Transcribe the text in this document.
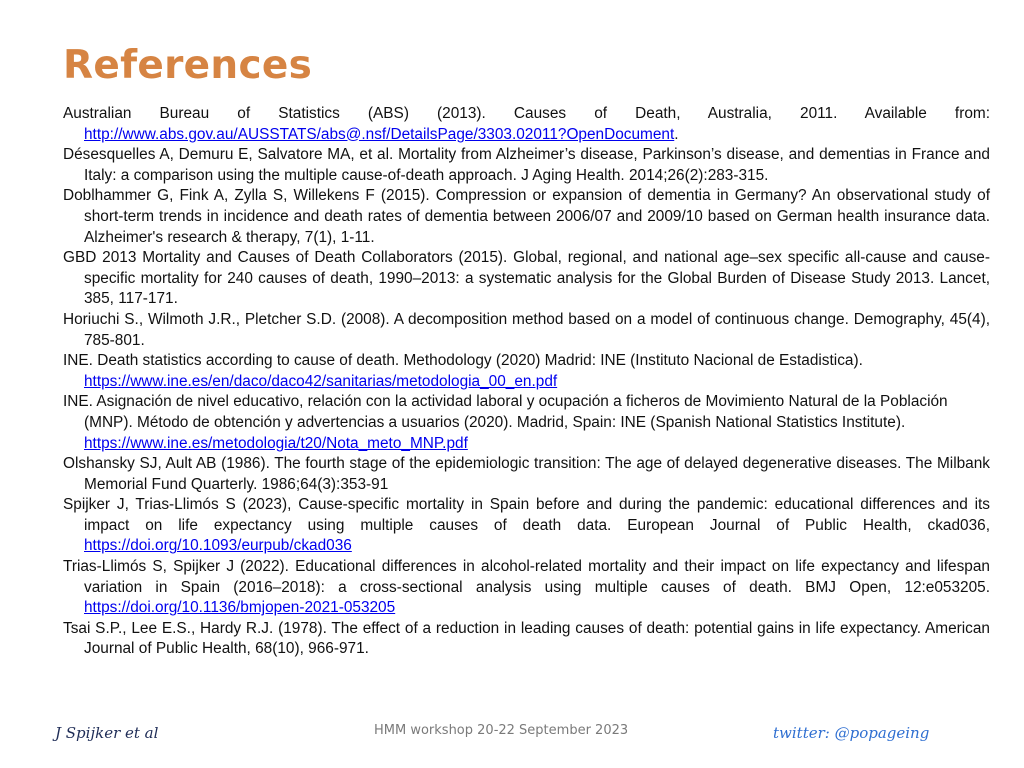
References
Australian Bureau of Statistics (ABS) (2013). Causes of Death, Australia, 2011. Available from: http://www.abs.gov.au/AUSSTATS/abs@.nsf/DetailsPage/3303.02011?OpenDocument.
Désesquelles A, Demuru E, Salvatore MA, et al. Mortality from Alzheimer’s disease, Parkinson’s disease, and dementias in France and Italy: a comparison using the multiple cause-of-death approach. J Aging Health. 2014;26(2):283-315.
Doblhammer G, Fink A, Zylla S, Willekens F (2015). Compression or expansion of dementia in Germany? An observational study of short-term trends in incidence and death rates of dementia between 2006/07 and 2009/10 based on German health insurance data. Alzheimer's research & therapy, 7(1), 1-11.
GBD 2013 Mortality and Causes of Death Collaborators (2015). Global, regional, and national age–sex specific all-cause and cause-specific mortality for 240 causes of death, 1990–2013: a systematic analysis for the Global Burden of Disease Study 2013. Lancet, 385, 117-171.
Horiuchi S., Wilmoth J.R., Pletcher S.D. (2008). A decomposition method based on a model of continuous change. Demography, 45(4), 785-801.
INE. Death statistics according to cause of death. Methodology (2020) Madrid: INE (Instituto Nacional de Estadistica). https://www.ine.es/en/daco/daco42/sanitarias/metodologia_00_en.pdf
INE. Asignación de nivel educativo, relación con la actividad laboral y ocupación a ficheros de Movimiento Natural de la Población (MNP). Método de obtención y advertencias a usuarios (2020). Madrid, Spain: INE (Spanish National Statistics Institute). https://www.ine.es/metodologia/t20/Nota_meto_MNP.pdf
Olshansky SJ, Ault AB (1986). The fourth stage of the epidemiologic transition: The age of delayed degenerative diseases. The Milbank Memorial Fund Quarterly. 1986;64(3):353-91
Spijker J, Trias-Llimós S (2023), Cause-specific mortality in Spain before and during the pandemic: educational differences and its impact on life expectancy using multiple causes of death data. European Journal of Public Health, ckad036, https://doi.org/10.1093/eurpub/ckad036
Trias-Llimós S, Spijker J (2022). Educational differences in alcohol-related mortality and their impact on life expectancy and lifespan variation in Spain (2016–2018): a cross-sectional analysis using multiple causes of death. BMJ Open, 12:e053205. https://doi.org/10.1136/bmjopen-2021-053205
Tsai S.P., Lee E.S., Hardy R.J. (1978). The effect of a reduction in leading causes of death: potential gains in life expectancy. American Journal of Public Health, 68(10), 966-971.
J Spijker et al	HMM workshop 20-22 September 2023	twitter: @popageing
